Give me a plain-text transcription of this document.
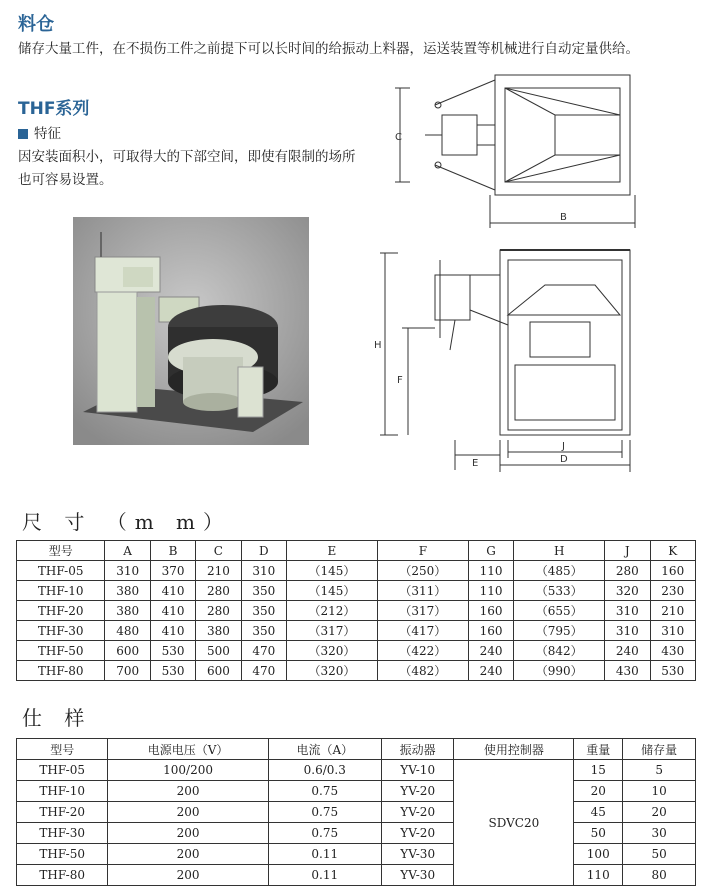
料仓
储存大量工件，在不损伤工件之前提下可以长时间的给振动上料器，运送装置等机械进行自动定量供给。
THF系列
特征
因安装面积小，可取得大的下部空间，即使有限制的场所也可容易设置。
C
B
H
F
E
J
D
尺 寸 （m m）
型号	A	B	C	D	E	F	G	H	J	K
THF-05	310	370	210	310	（145）	（250）	110	（485）	280	160
THF-10	380	410	280	350	（145）	（311）	110	（533）	320	230
THF-20	380	410	280	350	（212）	（317）	160	（655）	310	210
THF-30	480	410	380	350	（317）	（417）	160	（795）	310	310
THF-50	600	530	500	470	（320）	（422）	240	（842）	240	430
THF-80	700	530	600	470	（320）	（482）	240	（990）	430	530
仕 样
型号	电源电压（V）	电流（A）	振动器	使用控制器	重量	储存量
THF-05	100/200	0.6/0.3	YV-10	SDVC20	15	5
THF-10	200	0.75	YV-20		20	10
THF-20	200	0.75	YV-20		45	20
THF-30	200	0.75	YV-20		50	30
THF-50	200	0.11	YV-30		100	50
THF-80	200	0.11	YV-30		110	80
